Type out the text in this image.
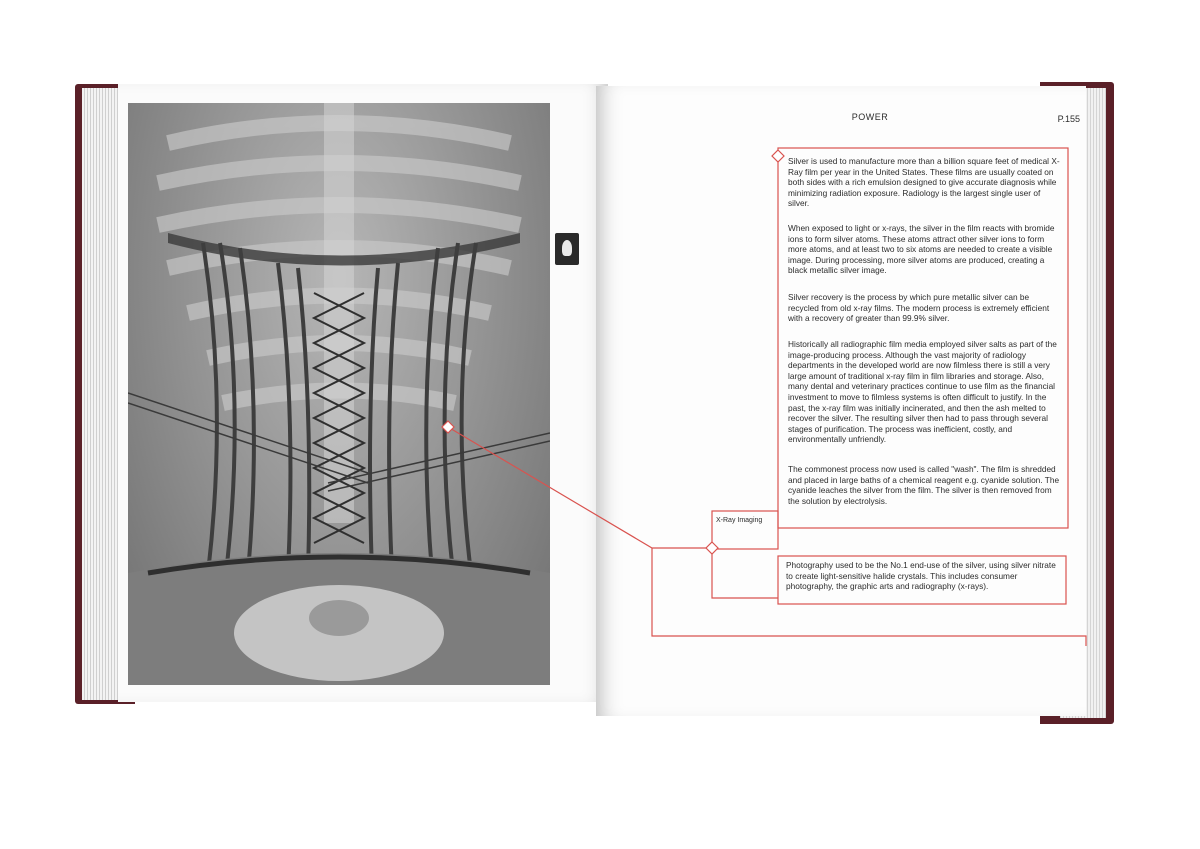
POWER	P.155
Silver is used to manufacture more than a billion square feet of medical X-Ray film per year in the United States. These films are usually coated on both sides with a rich emulsion designed to give accurate diagnosis while minimizing radiation exposure. Radiology is the largest single user of silver.
When exposed to light or x-rays, the silver in the film reacts with bromide ions to form silver atoms. These atoms attract other silver ions to form more atoms, and at least two to six atoms are needed to create a visible image. During processing, more silver atoms are produced, creating a black metallic silver image.
Silver recovery is the process by which pure metallic silver can be recycled from old x-ray films. The modern process is extremely efficient with a recovery of greater than 99.9% silver.
Historically all radiographic film media employed silver salts as part of the image-producing process. Although the vast majority of radiology departments in the developed world are now filmless there is still a very large amount of traditional x-ray film in film libraries and storage. Also, many dental and veterinary practices continue to use film as the financial investment to move to filmless systems is often difficult to justify. In the past, the x-ray film was initially incinerated, and then the ash melted to recover the silver. The resulting silver then had to pass through several stages of purification. The process was inefficient, costly, and environmentally unfriendly.
The commonest process now used is called "wash". The film is shredded and placed in large baths of a chemical reagent e.g. cyanide solution. The cyanide leaches the silver from the film. The silver is then removed from the solution by electrolysis.
X-Ray Imaging
Photography used to be the No.1 end-use of the silver, using silver nitrate to create light-sensitive halide crystals. This includes consumer photography, the graphic arts and radiography (x-rays).
